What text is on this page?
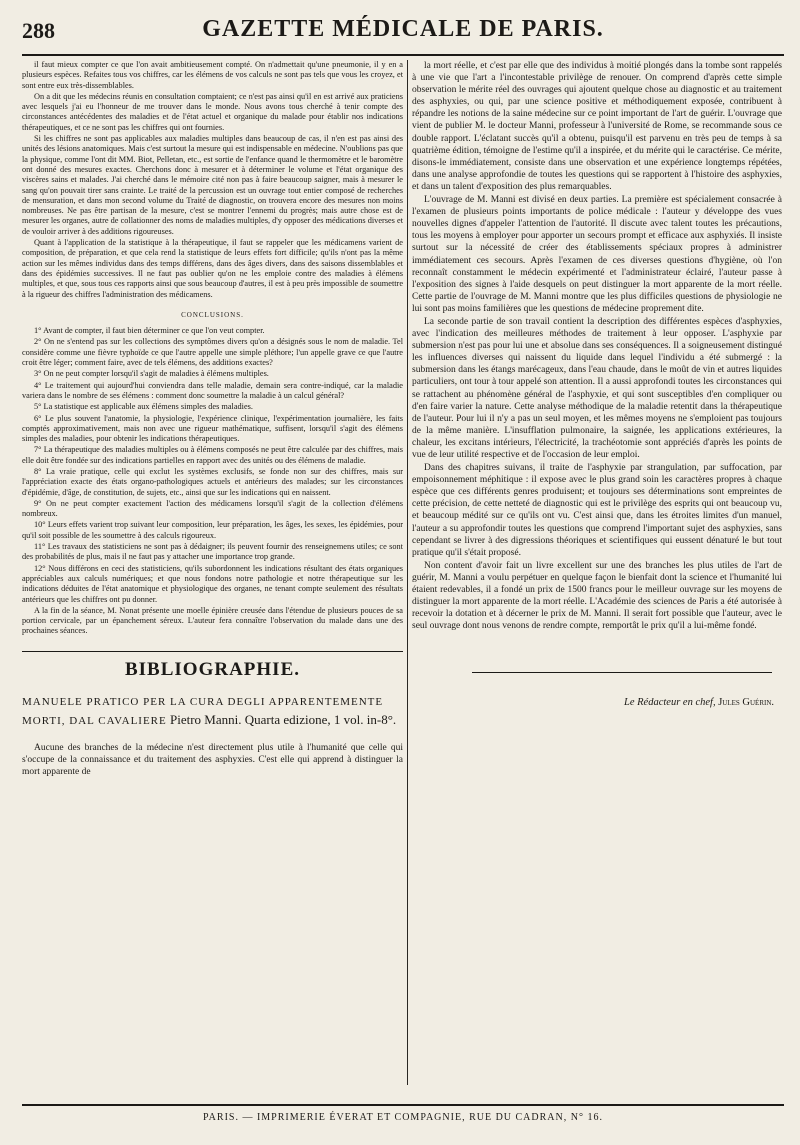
288	GAZETTE MÉDICALE DE PARIS.

il faut mieux compter ce que l'on avait ambitieusement compté. On n'admettait qu'une pneumonie, il y en a plusieurs espèces. Refaites tous vos chiffres, car les élémens de vos calculs ne sont pas tels que vous les croyez, et sont entre eux très-dissemblables.

On a dit que les médecins réunis en consultation comptaient; ce n'est pas ainsi qu'il en est arrivé aux praticiens avec lesquels j'ai eu l'honneur de me trouver dans le monde. Nous avons tous cherché à tenir compte des circonstances antécédentes des maladies et de l'état actuel et organique du malade pour établir nos indications thérapeutiques, et ce ne sont pas les chiffres qui ont fournies.

Si les chiffres ne sont pas applicables aux maladies multiples dans beaucoup de cas, il n'en est pas ainsi des unités des lésions anatomiques. Mais c'est surtout la mesure qui est indispensable en médecine. N'oublions pas que la physique, comme l'ont dit MM. Biot, Pelletan, etc., est sortie de l'enfance quand le thermomètre et le baromètre ont donné des mesures exactes. Cherchons donc à mesurer et à déterminer le volume et l'état organique des viscères sains et malades. J'ai cherché dans le mémoire cité non pas à faire beaucoup saigner, mais à mesurer le sang qu'on pouvait tirer sans crainte. Le traité de la percussion est un ouvrage tout entier composé de recherches de mensuration, et dans mon second volume du Traité de diagnostic, on trouvera encore des mesures non moins nombreuses. Ne pas être partisan de la mesure, c'est se montrer l'ennemi du progrès; mais autre chose est de mesurer les organes, autre de collationner des noms de maladies multiples, d'y opposer des médications diverses et de vouloir arriver à des additions rigoureuses.

Quant à l'application de la statistique à la thérapeutique, il faut se rappeler que les médicamens varient de composition, de préparation, et que cela rend la statistique de leurs effets fort difficile; qu'ils n'ont pas la même action sur les mêmes individus dans des temps différens, dans des âges divers, dans des saisons dissemblables et dans des épidémies successives. Il ne faut pas oublier qu'on ne les emploie contre des maladies à élémens multiples, et que, sous tous ces rapports ainsi que sous beaucoup d'autres, il est à peu près impossible de soumettre à la rigueur des chiffres l'administration des médicamens.

CONCLUSIONS.

1° Avant de compter, il faut bien déterminer ce que l'on veut compter.

2° On ne s'entend pas sur les collections des symptômes divers qu'on a désignés sous le nom de maladie. Tel considère comme une fièvre typhoïde ce que l'autre appelle une simple pléthore; l'un appelle grave ce que l'autre croit être léger; comment faire, avec de tels élémens, des additions exactes?

3° On ne peut compter lorsqu'il s'agit de maladies à élémens multiples.

4° Le traitement qui aujourd'hui conviendra dans telle maladie, demain sera contre-indiqué, car la maladie variera dans le nombre de ses élémens : comment donc soumettre la maladie à un calcul général?

5° La statistique est applicable aux élémens simples des maladies.

6° Le plus souvent l'anatomie, la physiologie, l'expérience clinique, l'expérimentation journalière, les faits comptés approximativement, mais non avec une rigueur mathématique, suffisent, lorsqu'il s'agit des élémens simples des maladies, pour obtenir les indications thérapeutiques.

7° La thérapeutique des maladies multiples ou à élémens composés ne peut être calculée par des chiffres, mais elle doit être fondée sur des indications partielles en rapport avec des unités ou des élémens de maladie.

8° La vraie pratique, celle qui exclut les systèmes exclusifs, se fonde non sur des chiffres, mais sur l'appréciation exacte des états organo-pathologiques actuels et antérieurs des malades; sur les circonstances d'épidémie, d'âge, de constitution, de sujets, etc., ainsi que sur les indications qui en naissent.

9° On ne peut compter exactement l'action des médicamens lorsqu'il s'agit de la collection d'élémens nombreux.

10° Leurs effets varient trop suivant leur composition, leur préparation, les âges, les sexes, les épidémies, pour qu'il soit possible de les soumettre à des calculs rigoureux.

11° Les travaux des statisticiens ne sont pas à dédaigner; ils peuvent fournir des renseignemens utiles; ce sont des probabilités de plus, mais il ne faut pas y attacher une importance trop grande.

12° Nous différons en ceci des statisticiens, qu'ils subordonnent les indications résultant des états organiques appréciables aux calculs numériques; et que nous fondons notre pathologie et notre thérapeutique sur les indications déduites de l'état anatomique et physiologique des organes, ne tenant compte seulement des résultats antérieurs que les chiffres ont pu donner.

A la fin de la séance, M. Nonat présente une moelle épinière creusée dans l'étendue de plusieurs pouces de sa portion cervicale, par un épanchement séreux. L'auteur fera connaître l'observation du malade dans une des prochaines séances.

BIBLIOGRAPHIE.
MANUELE PRATICO PER LA CURA DEGLI APPARENTEMENTE
MORTI, DAL CAVALIERE Pietro Manni. Quarta edizione, 1 vol. in-8°.

Aucune des branches de la médecine n'est directement plus utile à l'humanité que celle qui s'occupe de la connaissance et du traitement des asphyxies. C'est elle qui apprend à distinguer la mort apparente de

la mort réelle, et c'est par elle que des individus à moitié plongés dans la tombe sont rappelés à une vie que l'art a l'incontestable privilège de renouer. On comprend d'après cette simple observation le mérite réel des ouvrages qui ajoutent quelque chose au diagnostic et au traitement des asphyxies, ou qui, par une science positive et méthodiquement exposée, contribuent à répandre les notions de la saine médecine sur ce point important de l'art de guérir. L'ouvrage que vient de publier M. le docteur Manni, professeur à l'université de Rome, se recommande sous ce double rapport. L'éclatant succès qu'il a obtenu, puisqu'il est parvenu en très peu de temps à sa quatrième édition, témoigne de l'estime qu'il a inspirée, et du mérite qui le caractérise. Ce mérite, disons-le immédiatement, consiste dans une observation et une expérience longtemps répétées, dans une analyse approfondie de toutes les questions qui se rapportent à l'histoire des asphyxies, et dans un talent d'exposition des plus remarquables.

L'ouvrage de M. Manni est divisé en deux parties. La première est spécialement consacrée à l'examen de plusieurs points importants de police médicale : l'auteur y développe des vues nouvelles dignes d'appeler l'attention de l'autorité. Il discute avec talent toutes les précautions, tous les moyens à employer pour apporter un secours prompt et efficace aux asphyxiés. Il insiste surtout sur la nécessité de créer des établissements spéciaux propres à administrer immédiatement ces secours. Après l'examen de ces diverses questions d'hygiène, où l'on reconnaît constamment le médecin expérimenté et l'administrateur éclairé, l'auteur passe à l'exposition des signes à l'aide desquels on peut distinguer la mort apparente de la mort réelle. Cette partie de l'ouvrage de M. Manni montre que les plus difficiles questions de physiologie ne lui sont pas moins familières que les questions de médecine proprement dite.

La seconde partie de son travail contient la description des différentes espèces d'asphyxies, avec l'indication des meilleures méthodes de traitement à leur opposer. L'asphyxie par submersion n'est pas pour lui une et absolue dans ses conséquences. Il a soigneusement distingué les influences diverses qui naissent du liquide dans lequel l'individu a été submergé : la submersion dans les étangs marécageux, dans l'eau chaude, dans le moût de vin et autres liquides particuliers, ont tour à tour appelé son attention. Il a aussi approfondi toutes les circonstances qui se rattachent au phénomène général de l'asphyxie, et qui sont susceptibles d'en compliquer ou d'en faire varier la nature. Cette analyse méthodique de la maladie retentit dans la thérapeutique de l'auteur. Pour lui il n'y a pas un seul moyen, et les mêmes moyens ne s'emploient pas toujours de la même manière. L'insufflation pulmonaire, la saignée, les applications extérieures, la chaleur, les excitans intérieurs, l'électricité, la trachéotomie sont appréciés d'après les points de vue de leur utilité respective et de l'occasion de leur emploi.

Dans des chapitres suivans, il traite de l'asphyxie par strangulation, par suffocation, par empoisonnement méphitique : il expose avec le plus grand soin les caractères propres à chaque espèce que ces différents genres produisent; et toujours ses déterminations sont empreintes de cette précision, de cette netteté de diagnostic qui est le privilège des esprits qui ont beaucoup vu, et beaucoup médité sur ce qu'ils ont vu. C'est ainsi que, dans les étroites limites d'un manuel, l'auteur a su approfondir toutes les questions que comprend l'important sujet des asphyxies, sans cependant se livrer à des digressions théoriques et scientifiques qui eussent dénaturé le but tout pratique qu'il s'était proposé.

Non content d'avoir fait un livre excellent sur une des branches les plus utiles de l'art de guérir, M. Manni a voulu perpétuer en quelque façon le bienfait dont la science et l'humanité lui étaient redevables, il a fondé un prix de 1500 francs pour le meilleur ouvrage sur les moyens de distinguer la mort apparente de la mort réelle. L'Académie des sciences de Paris a été autorisée à recevoir la dotation et à décerner le prix de M. Manni. Il serait fort possible que l'auteur, avec le seul ouvrage dont nous venons de rendre compte, remportât le prix qu'il a lui-même fondé.

Le Rédacteur en chef, Jules Guérin.
PARIS. — IMPRIMERIE ÉVERAT ET COMPAGNIE, RUE DU CADRAN, N° 16.
